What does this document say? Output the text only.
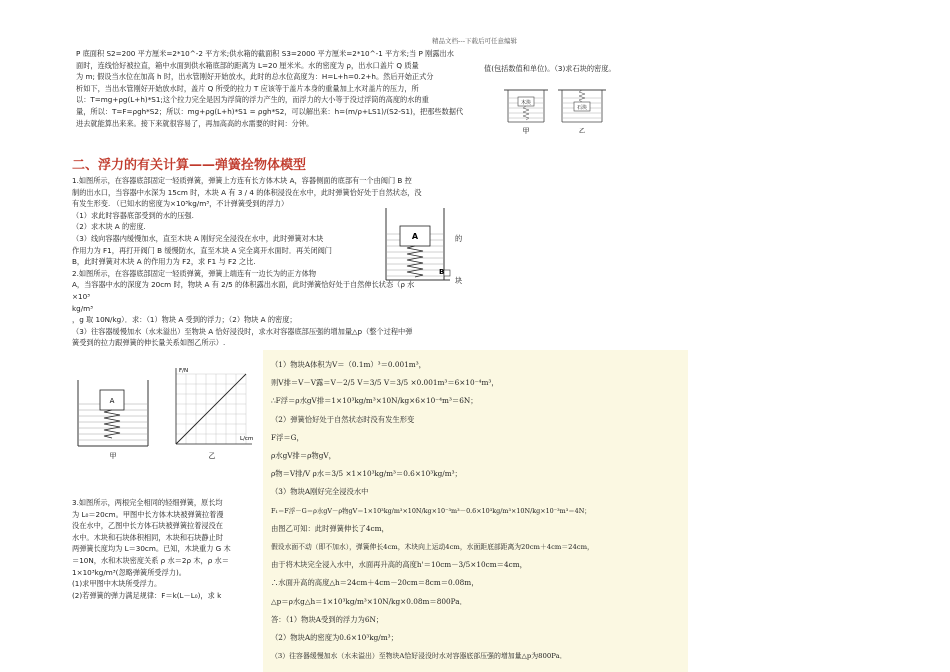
精品文档---下载后可任意编辑
P 底面积 S2=200 平方厘米=2*10^-2 平方米;供水箱的截面积 S3=2000 平方厘米=2*10^-1 平方米;当 P 刚露出水
面时，连线恰好被拉直，箱中水面到供水箱底部的距离为 L=20 厘米米。水的密度为 ρ，出水口盖片 Q 质量
为 m; 假设当水位在加高 h 时，出水管刚好开始放水，此时的总水位高度为：H=L+h=0.2+h。然后开始正式分
析如下，当出水管刚好开始放水时，盖片 Q 所受的拉力 T 应该等于盖片本身的重量加上水对盖片的压力，所
以：T=mg+ρg(L+h)*S1;这个拉力完全是因为浮筒的浮力产生的，而浮力的大小等于没过浮筒的高度的水的重
量，所以：T=F=ρgh*S2；所以：mg+ρg(L+h)*S1 = ρgh*S2，可以解出来：h=(m/ρ+LS1)/(S2-S1)，把那些数据代
进去就能算出来来。接下来就很容易了，再加高高的水需要的时间：分钟。
值(包括数值和单位)。（3)求石块的密度。
木块
甲
石块
乙
二、浮力的有关计算——弹簧拴物体模型
1.如图所示，在容器底部固定一轻质弹簧，弹簧上方连有长方体木块 A，容器侧面的底部有一个由阀门 B 控
制的出水口，当容器中水深为 15cm 时，木块 A 有 3 / 4 的体积浸没在水中，此时弹簧恰好处于自然状态，没
有发生形变. （已知水的密度为×10³kg/m³，不计弹簧受到的浮力）
（1）求此时容器底部受到的水的压强.
（2）求木块 A 的密度.
（3）线向容器内缓慢加水，直至木块 A 刚好完全浸没在水中，此时弹簧对木块
作用力为 F1，再打开阀门 B 缓慢防水，直至木块 A 完全离开水面时．再关闭阀门
B，此时弹簧对木块 A 的作用力为 F2，求 F1 与 F2 之比.
2.如图所示，在容器底部固定一轻质弹簧，弹簧上端连有一边长为的正方体物
A，当容器中水的深度为 20cm 时，物块 A 有 2/5 的体积露出水面，此时弹簧恰好处于自然伸长状态（ρ 水
×10³
kg/m³
，g 取 10N/kg）．求：（1）物块 A 受到的浮力；（2）物块 A 的密度；
（3）往容器缓慢加水（水未溢出）至物块 A 恰好浸没时，求水对容器底部压强的增加量△p（整个过程中弹
簧受到的拉力跟弹簧的伸长量关系如图乙所示）.
的
块
A
B
A
甲
F/N
L/cm
乙
3.如图所示，两根完全相同的轻细弹簧，原长均
为 L₀＝20cm。甲图中长方体木块被弹簧拉着漫
没在水中，乙图中长方体石块被弹簧拉着浸没在
水中。木块和石块体积相同，木块和石块静止时
两弹簧长度均为 L＝30cm。已知，木块重力 G 木
＝10N，水和木块密度关系 ρ 水＝2ρ 木，ρ 水＝
1×10³kg/m³(忽略弹簧所受浮力)。
(1)求甲图中木块所受浮力。
(2)若弹簧的弹力满足规律：F＝k(L－L₀)，求 k
（1）物块A体积为V＝（0.1m）³＝0.001m³，
则V排＝V－V露＝V－2/5 V＝3/5 V＝3/5 ×0.001m³＝6×10⁻⁴m³，
∴F浮＝ρ水gV排＝1×10³kg/m³×10N/kg×6×10⁻⁴m³＝6N；
（2）弹簧恰好处于自然状态时没有发生形变
F浮＝G，
ρ水gV排＝ρ物gV，
ρ物＝V排/V ρ水＝3/5 ×1×10³kg/m³＝0.6×10³kg/m³；
（3）物块A刚好完全浸没水中
F₁＝F浮－G＝ρ水gV－ρ物gV＝1×10³kg/m³×10N/kg×10⁻³m³－0.6×10³kg/m³×10N/kg×10⁻³m³＝4N；
由图乙可知：此时弹簧伸长了4cm，
假设水面不动（即不加水），弹簧伸长4cm，木块向上运动4cm，水面距底部距离为20cm＋4cm＝24cm，
由于将木块完全浸入水中，水面再升高的高度h'＝10cm－3/5×10cm＝4cm，
∴水面升高的高度△h＝24cm＋4cm－20cm＝8cm＝0.08m，
△p＝ρ水g△h＝1×10³kg/m³×10N/kg×0.08m＝800Pa．
答：（1）物块A受到的浮力为6N；
（2）物块A的密度为0.6×10³kg/m³；
（3）往容器缓慢加水（水未溢出）至物块A恰好浸没时水对容器底部压强的增加量△p为800Pa．
